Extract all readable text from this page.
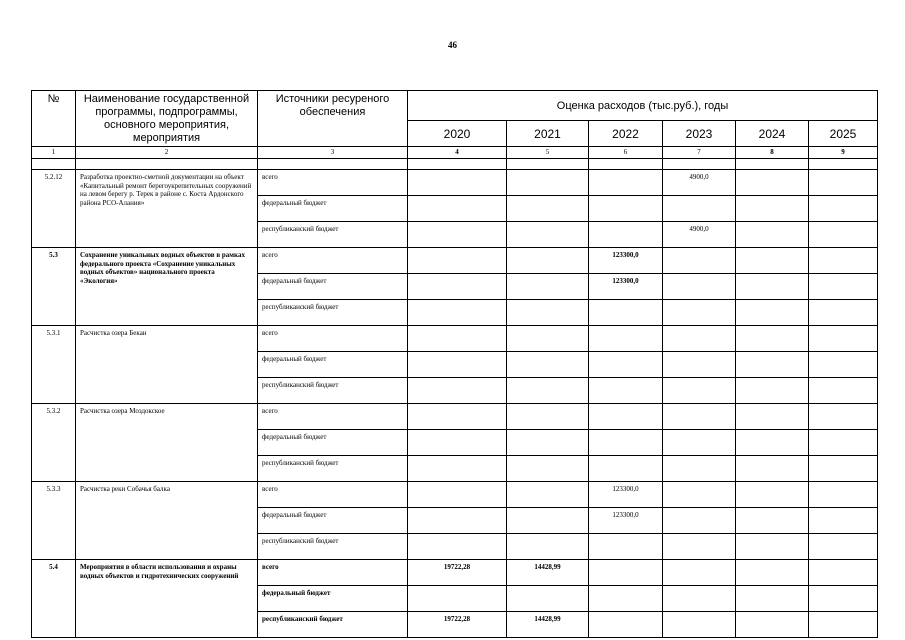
46
№	Наименование государственной программы, подпрограммы, основного мероприятия, мероприятия	Источники ресуреного обеспечения	Оценка расходов (тыс.руб.), годы					
			2020	2021	2022	2023	2024	2025
1	2	3	4	5	6	7	8	9

5.2.12	Разработка проектно-сметной документации на объект «Капитальный ремонт берегоукрепительных сооружений на левом берегу р. Терек в районе с. Коста Ардонского района РСО-Алания»	всего				4900,0		
		федеральный бюджет						
		республиканский бюджет				4900,0		
5.3	Сохранение уникальных водных объектов в рамках федерального проекта «Сохранение уникальных водных объектов» национального проекта «Экология»	всего			123300,0			
		федеральный бюджет			123300,0			
		республиканский бюджет						
5.3.1	Расчистка озера Бекан	всего						
		федеральный бюджет						
		республиканский бюджет						
5.3.2	Расчистка озера Моздокское	всего						
		федеральный бюджет						
		республиканский бюджет						
5.3.3	Расчистка реки Собачья балка	всего			123300,0			
		федеральный бюджет			123300,0			
		республиканский бюджет						
5.4	Мероприятия в области использования и охраны водных объектов и гидротехнических сооружений	всего	19722,28	14428,99				
		федеральный бюджет						
		республиканский бюджет	19722,28	14428,99				
